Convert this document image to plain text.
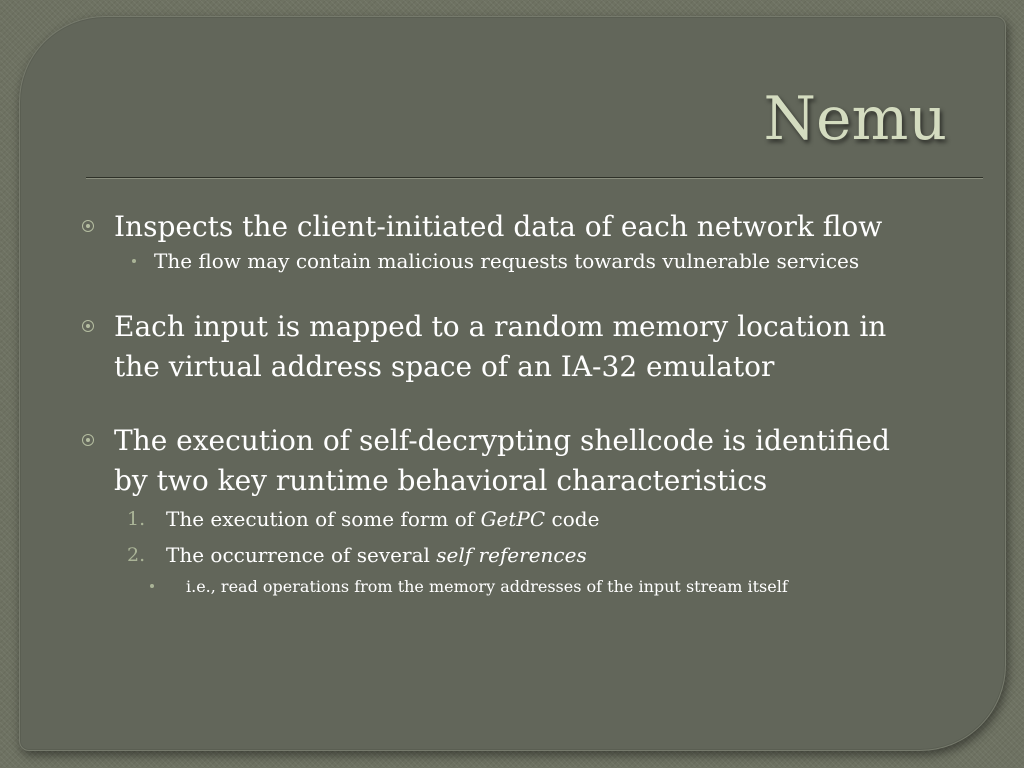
Nemu
Inspects the client-initiated data of each network flow
The flow may contain malicious requests towards vulnerable services
Each input is mapped to a random memory location in
the virtual address space of an IA-32 emulator
The execution of self-decrypting shellcode is identified
by two key runtime behavioral characteristics
1. The execution of some form of GetPC code
2. The occurrence of several self references
i.e., read operations from the memory addresses of the input stream itself
